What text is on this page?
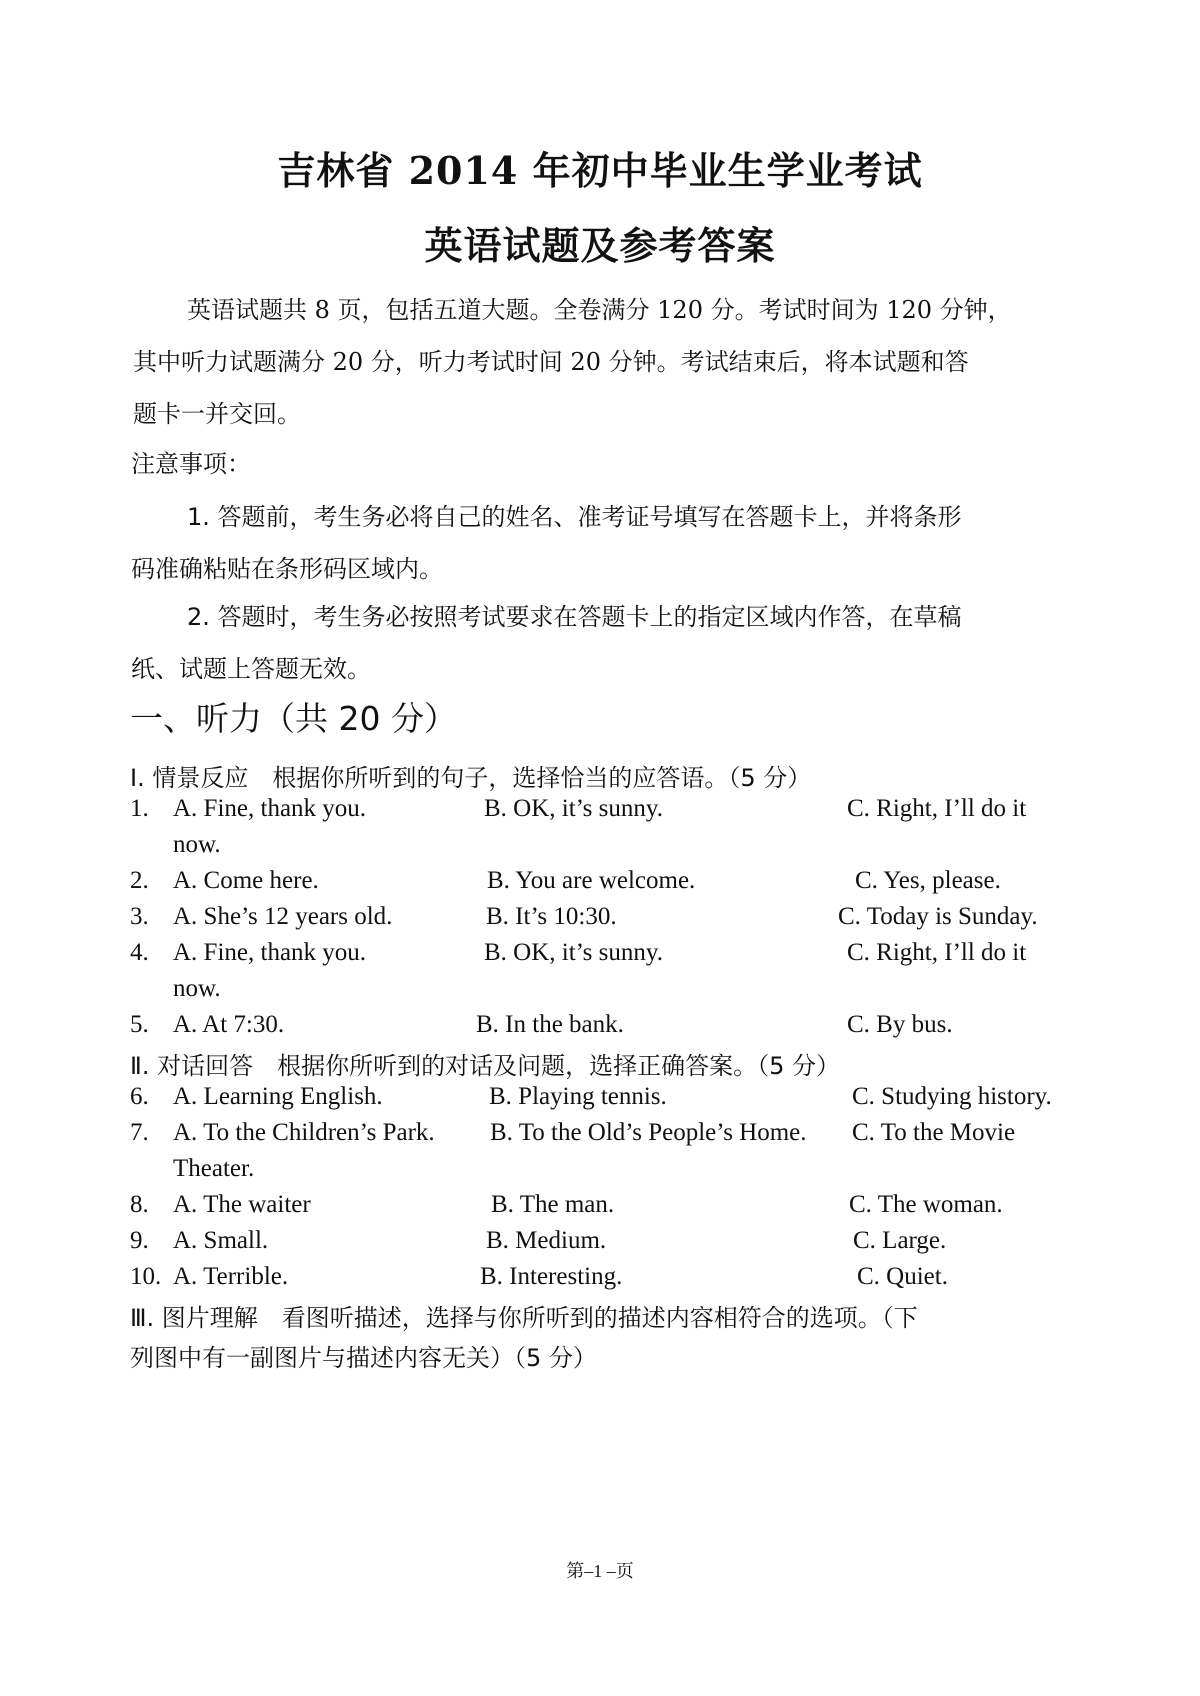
吉林省 2014 年初中毕业生学业考试
英语试题及参考答案
英语试题共 8 页，包括五道大题。全卷满分 120 分。考试时间为 120 分钟，
其中听力试题满分 20 分，听力考试时间 20 分钟。考试结束后，将本试题和答
题卡一并交回。
注意事项：
1. 答题前，考生务必将自己的姓名、准考证号填写在答题卡上，并将条形
码准确粘贴在条形码区域内。
2. 答题时，考生务必按照考试要求在答题卡上的指定区域内作答，在草稿
纸、试题上答题无效。
一、听力（共 20 分）
Ⅰ. 情景反应　根据你所听到的句子，选择恰当的应答语。（5 分）
1. A. Fine, thank you.	B. OK, it’s sunny.	C. Right, I’ll do it
now.
2. A. Come here.	B. You are welcome.	C. Yes, please.
3. A. She’s 12 years old.	B. It’s 10:30.	C. Today is Sunday.
4. A. Fine, thank you.	B. OK, it’s sunny.	C. Right, I’ll do it
now.
5. A. At 7:30.	B. In the bank.	C. By bus.
Ⅱ. 对话回答　根据你所听到的对话及问题，选择正确答案。（5 分）
6. A. Learning English.	B. Playing tennis.	C. Studying history.
7. A. To the Children’s Park. B. To the Old’s People’s Home. C. To the Movie
Theater.
8. A. The waiter	B. The man.	C. The woman.
9. A. Small.	B. Medium.	C. Large.
10. A. Terrible.	B. Interesting.	C. Quiet.
Ⅲ. 图片理解　看图听描述，选择与你所听到的描述内容相符合的选项。（下
列图中有一副图片与描述内容无关）（5 分）
第–1 –页
